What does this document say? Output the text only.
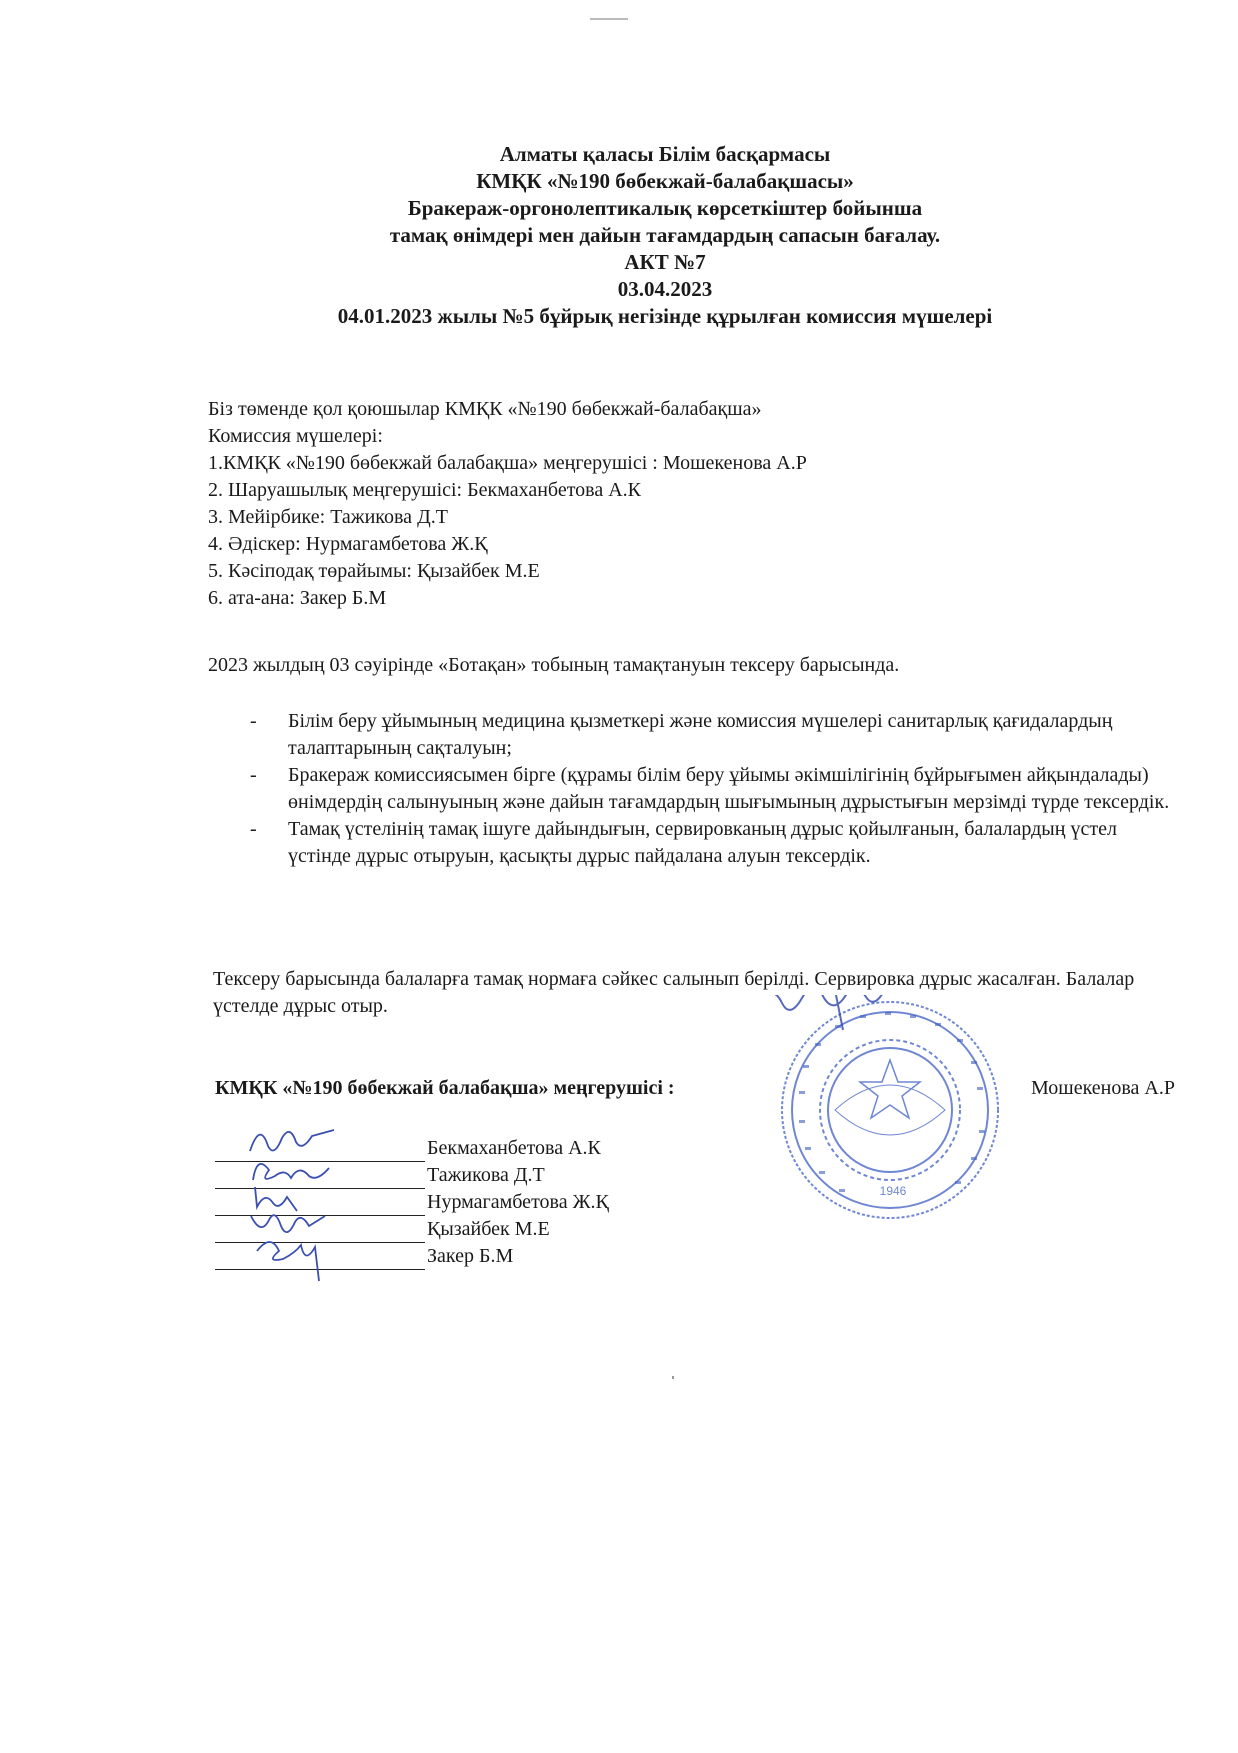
Алматы қаласы Білім басқармасы
КМҚК «№190 бөбекжай-балабақшасы»
Бракераж-оргонолептикалық көрсеткіштер бойынша
тамақ өнімдері мен дайын тағамдардың сапасын бағалау.
АКТ №7
03.04.2023
04.01.2023 жылы №5 бұйрық негізінде құрылған комиссия мүшелері
Біз төменде қол қоюшылар КМҚК «№190 бөбекжай-балабақша»
Комиссия мүшелері:
1.КМҚК «№190 бөбекжай балабақша» меңгерушісі : Мошекенова А.Р
2. Шаруашылық меңгерушісі: Бекмаханбетова А.К
3. Мейірбике: Тажикова Д.Т
4. Әдіскер: Нурмагамбетова Ж.Қ
5. Кәсіподақ төрайымы: Қызайбек М.Е
6. ата-ана: Закер Б.М
2023 жылдың 03 сәуірінде «Ботақан» тобының тамақтануын тексеру барысында.
-	Білім беру ұйымының медицина қызметкері және комиссия мүшелері санитарлық қағидалардың талаптарының сақталуын;
-	Бракераж комиссиясымен бірге (құрамы білім беру ұйымы әкімшілігінің бұйрығымен айқындалады) өнімдердің салынуының және дайын тағамдардың шығымының дұрыстығын мерзімді түрде тексердік.
-	Тамақ үстелінің тамақ ішуге дайындығын, сервировканың дұрыс қойылғанын, балалардың үстел үстінде дұрыс отыруын, қасықты дұрыс пайдалана алуын тексердік.
Тексеру барысында балаларға тамақ нормаға сәйкес салынып берілді. Сервировка дұрыс жасалған. Балалар үстелде дұрыс отыр.
1946
КМҚК «№190 бөбекжай балабақша» меңгерушісі :	Мошекенова А.Р
Бекмаханбетова А.К
Тажикова Д.Т
Нурмагамбетова Ж.Қ
Қызайбек М.Е
Закер Б.М
